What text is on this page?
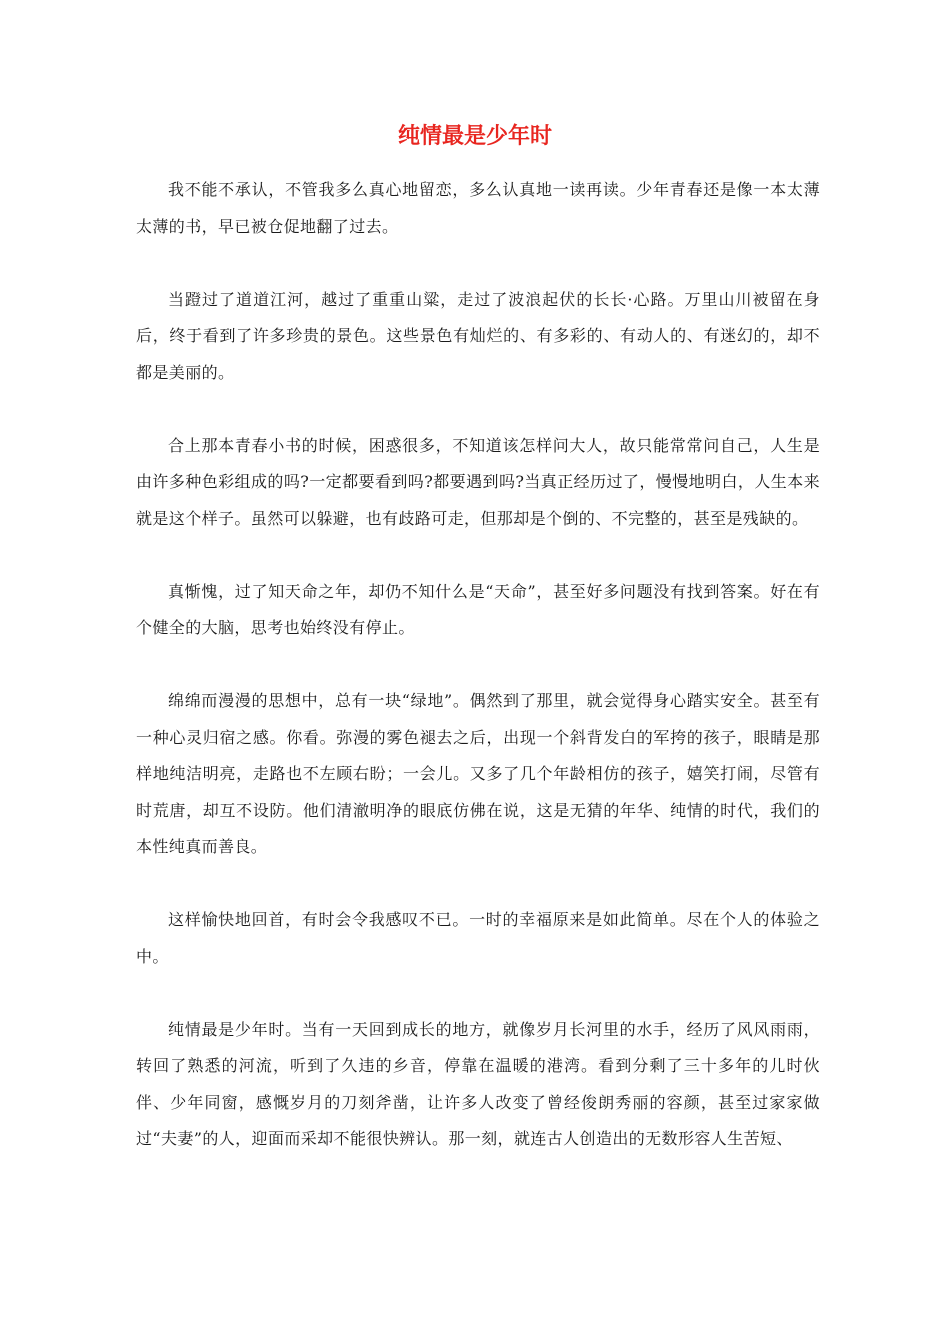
纯情最是少年时

我不能不承认，不管我多么真心地留恋，多么认真地一读再读。少年青春还是像一本太薄太薄的书，早已被仓促地翻了过去。

当蹬过了道道江河，越过了重重山粱，走过了波浪起伏的长长·心路。万里山川被留在身后，终于看到了许多珍贵的景色。这些景色有灿烂的、有多彩的、有动人的、有迷幻的，却不都是美丽的。

合上那本青春小书的时候，困惑很多，不知道该怎样问大人，故只能常常问自己，人生是由许多种色彩组成的吗?一定都要看到吗?都要遇到吗?当真正经历过了，慢慢地明白，人生本来就是这个样子。虽然可以躲避，也有歧路可走，但那却是个倒的、不完整的，甚至是残缺的。

真惭愧，过了知天命之年，却仍不知什么是“天命”，甚至好多问题没有找到答案。好在有个健全的大脑，思考也始终没有停止。

绵绵而漫漫的思想中，总有一块“绿地”。偶然到了那里，就会觉得身心踏实安全。甚至有一种心灵归宿之感。你看。弥漫的雾色褪去之后，出现一个斜背发白的军挎的孩子，眼睛是那样地纯洁明亮，走路也不左顾右盼；一会儿。又多了几个年龄相仿的孩子，嬉笑打闹，尽管有时荒唐，却互不设防。他们清澈明净的眼底仿佛在说，这是无猜的年华、纯情的时代，我们的本性纯真而善良。

这样愉快地回首，有时会令我感叹不已。一时的幸福原来是如此简单。尽在个人的体验之中。

纯情最是少年时。当有一天回到成长的地方，就像岁月长河里的水手，经历了风风雨雨，转回了熟悉的河流，听到了久违的乡音，停靠在温暖的港湾。看到分剩了三十多年的儿时伙伴、少年同窗，感慨岁月的刀刻斧凿，让许多人改变了曾经俊朗秀丽的容颜，甚至过家家做过“夫妻”的人，迎面而采却不能很快辨认。那一刻，就连古人创造出的无数形容人生苦短、
